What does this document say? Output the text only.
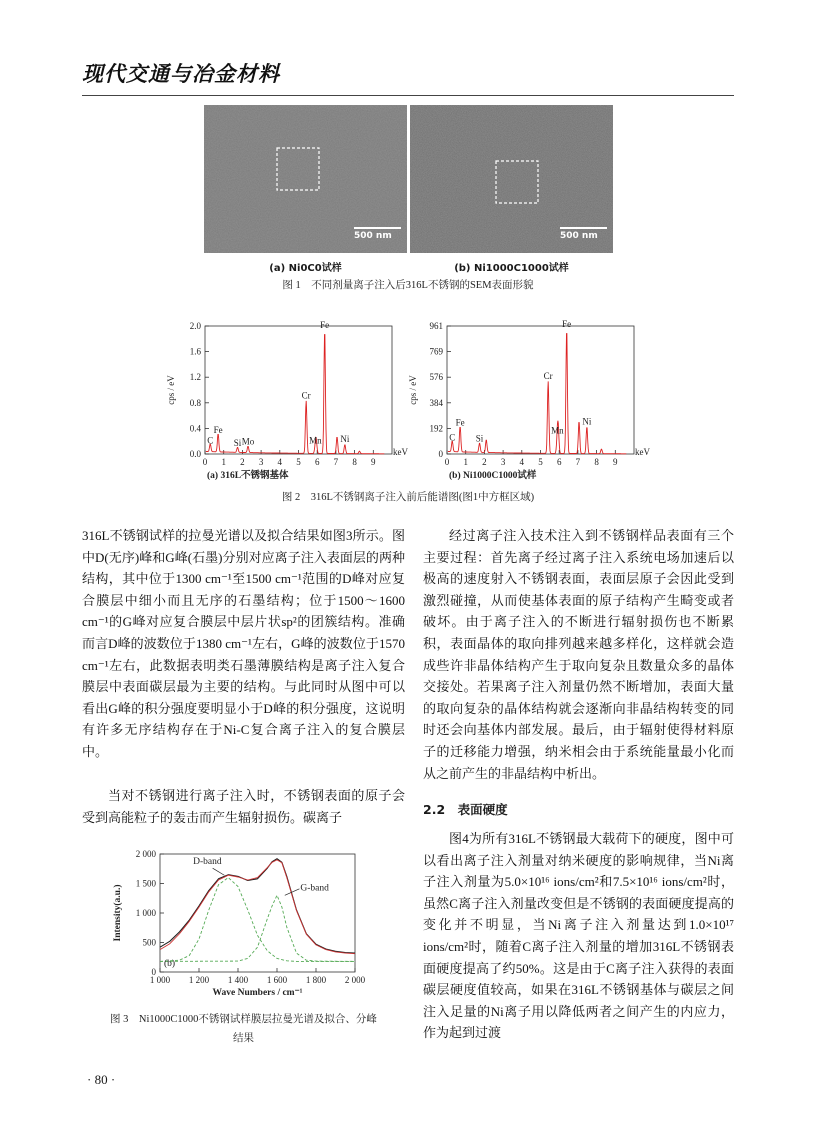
现代交通与冶金材料
500 nm	500 nm
(a) Ni0C0试样	(b) Ni1000C1000试样
图 1　不同剂量离子注入后316L不锈钢的SEM表面形貌
0.0
0.4
0.8
1.2
1.6
2.0
0 1 2 3 4 5 6 7 8 9
keV
cps / eV
C
Fe
Si Mo
Cr
Mn
Fe
Ni
(a) 316L不锈钢基体
0
192
384
576
769
961
0 1 2 3 4 5 6 7 8 9
keV
cps / eV
C
Fe
Si
Cr
Mn
Fe
Ni
(b) Ni1000C1000试样
图 2　316L不锈钢离子注入前后能谱图(图1中方框区域)

316L不锈钢试样的拉曼光谱以及拟合结果如图3所示。图中D(无序)峰和G峰(石墨)分别对应离子注入表面层的两种结构，其中位于1300 cm⁻¹至1500 cm⁻¹范围的D峰对应复合膜层中细小而且无序的石墨结构；位于1500～1600 cm⁻¹的G峰对应复合膜层中层片状sp²的团簇结构。准确而言D峰的波数位于1380 cm⁻¹左右，G峰的波数位于1570 cm⁻¹左右，此数据表明类石墨薄膜结构是离子注入复合膜层中表面碳层最为主要的结构。与此同时从图中可以看出G峰的积分强度要明显小于D峰的积分强度，这说明有许多无序结构存在于Ni-C复合离子注入的复合膜层中。

当对不锈钢进行离子注入时，不锈钢表面的原子会受到高能粒子的轰击而产生辐射损伤。碳离子

0
500
1 000
1 500
2 000
1 000 1 200 1 400 1 600 1 800 2 000
Wave Numbers / cm⁻¹
Intensity(a.u.)
D-band
G-band
(b)
图 3　Ni1000C1000不锈钢试样膜层拉曼光谱及拟合、分峰
结果

经过离子注入技术注入到不锈钢样品表面有三个主要过程：首先离子经过离子注入系统电场加速后以极高的速度射入不锈钢表面，表面层原子会因此受到激烈碰撞，从而使基体表面的原子结构产生畸变或者破坏。由于离子注入的不断进行辐射损伤也不断累积，表面晶体的取向排列越来越多样化，这样就会造成些许非晶体结构产生于取向复杂且数量众多的晶体交接处。若果离子注入剂量仍然不断增加，表面大量的取向复杂的晶体结构就会逐渐向非晶结构转变的同时还会向基体内部发展。最后，由于辐射使得材料原子的迁移能力增强，纳米相会由于系统能量最小化而从之前产生的非晶结构中析出。

2.2　表面硬度

图4为所有316L不锈钢最大载荷下的硬度，图中可以看出离子注入剂量对纳米硬度的影响规律，当Ni离子注入剂量为5.0×10¹⁶ ions/cm²和7.5×10¹⁶ ions/cm²时，虽然C离子注入剂量改变但是不锈钢的表面硬度提高的变化并不明显，当Ni离子注入剂量达到1.0×10¹⁷ ions/cm²时，随着C离子注入剂量的增加316L不锈钢表面硬度提高了约50%。这是由于C离子注入获得的表面碳层硬度值较高，如果在316L不锈钢基体与碳层之间注入足量的Ni离子用以降低两者之间产生的内应力，作为起到过渡

· 80 ·
